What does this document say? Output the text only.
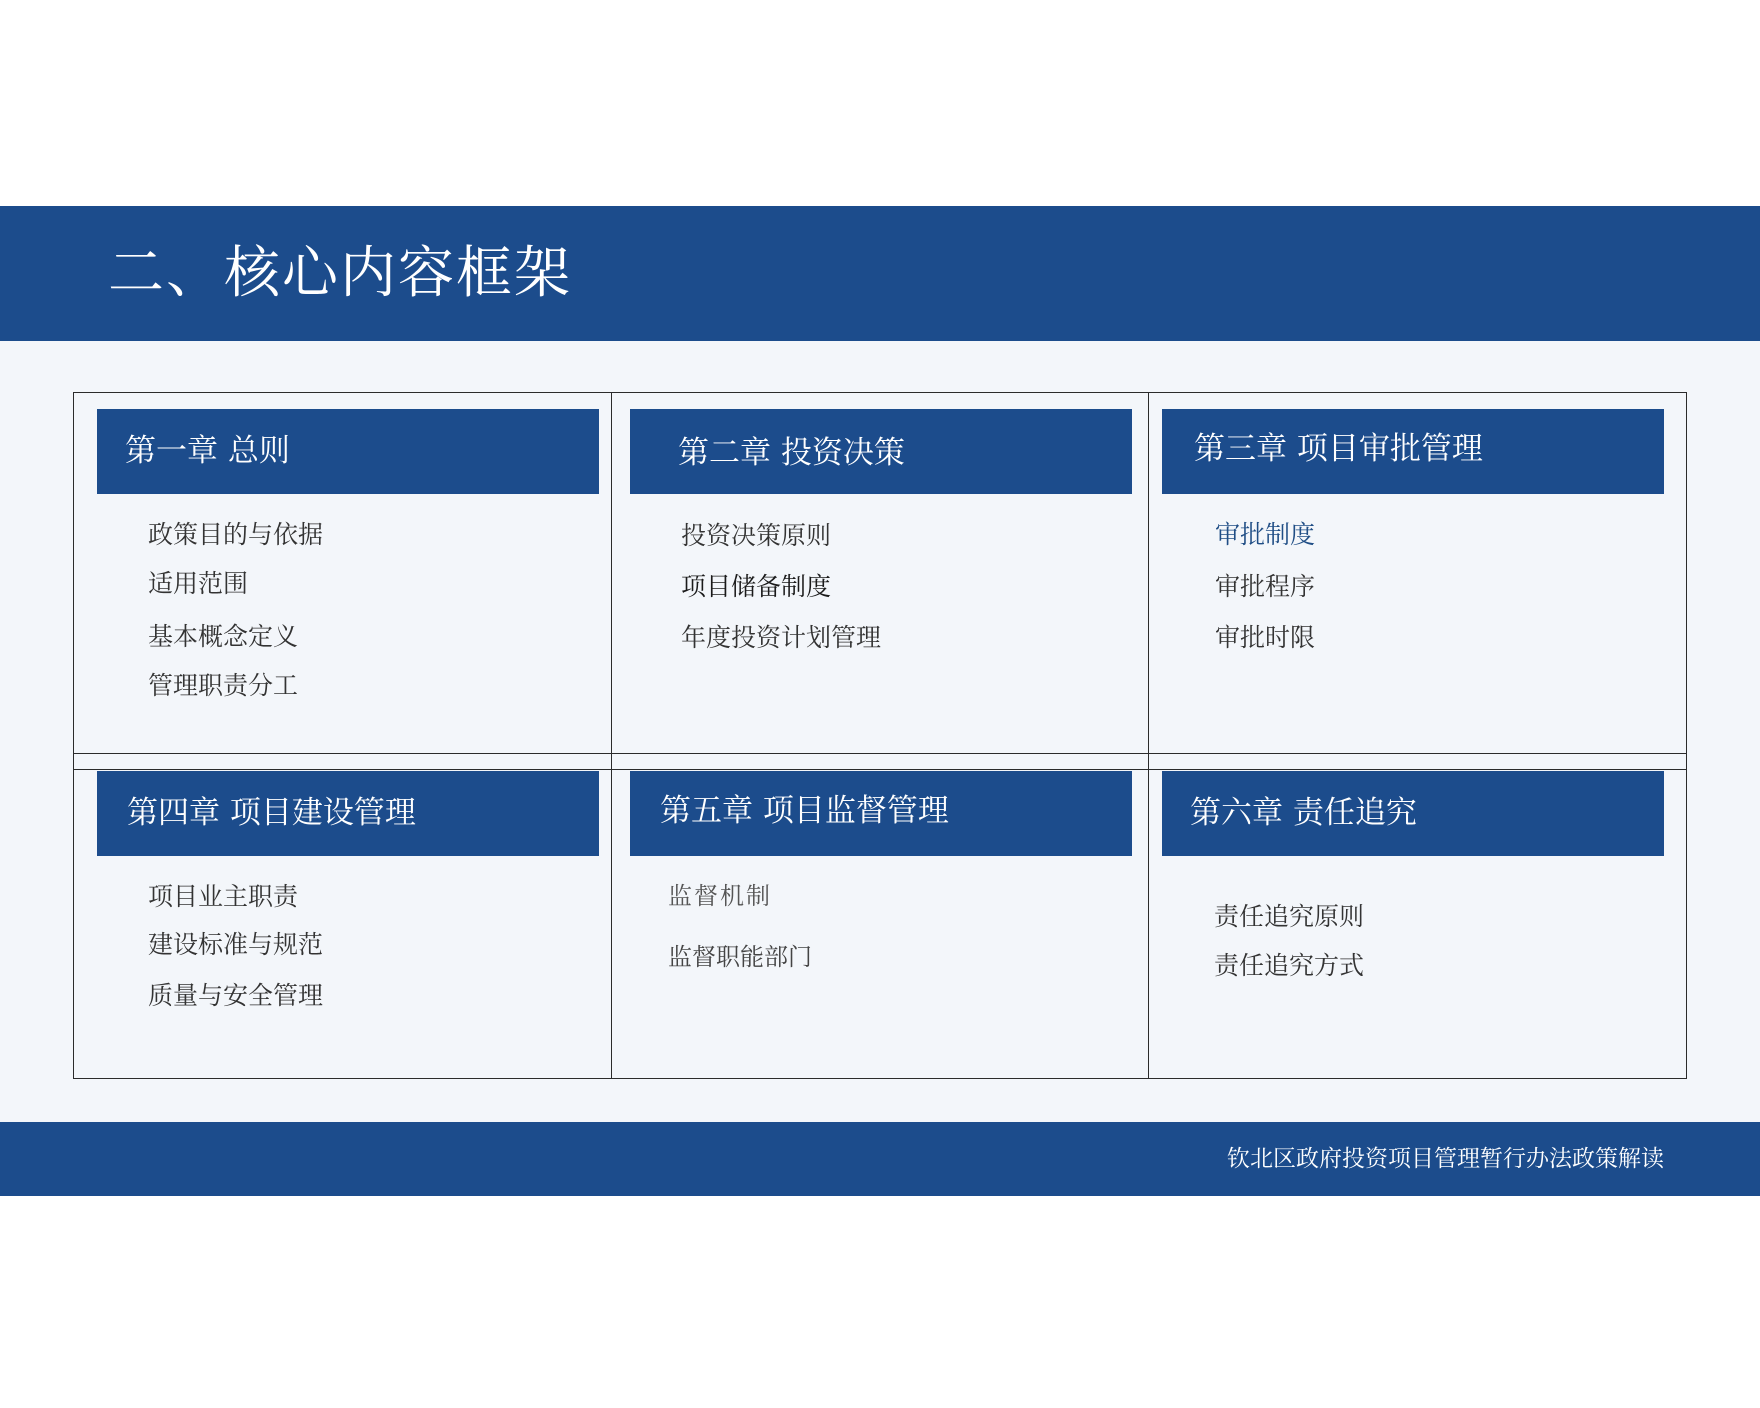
二、核心内容框架
第一章 总则
政策目的与依据
适用范围
基本概念定义
管理职责分工
第二章 投资决策
投资决策原则
项目储备制度
年度投资计划管理
第三章 项目审批管理
审批制度
审批程序
审批时限
第四章 项目建设管理
项目业主职责
建设标准与规范
质量与安全管理
第五章 项目监督管理
监督机制
监督职能部门
第六章 责任追究
责任追究原则
责任追究方式
钦北区政府投资项目管理暂行办法政策解读
